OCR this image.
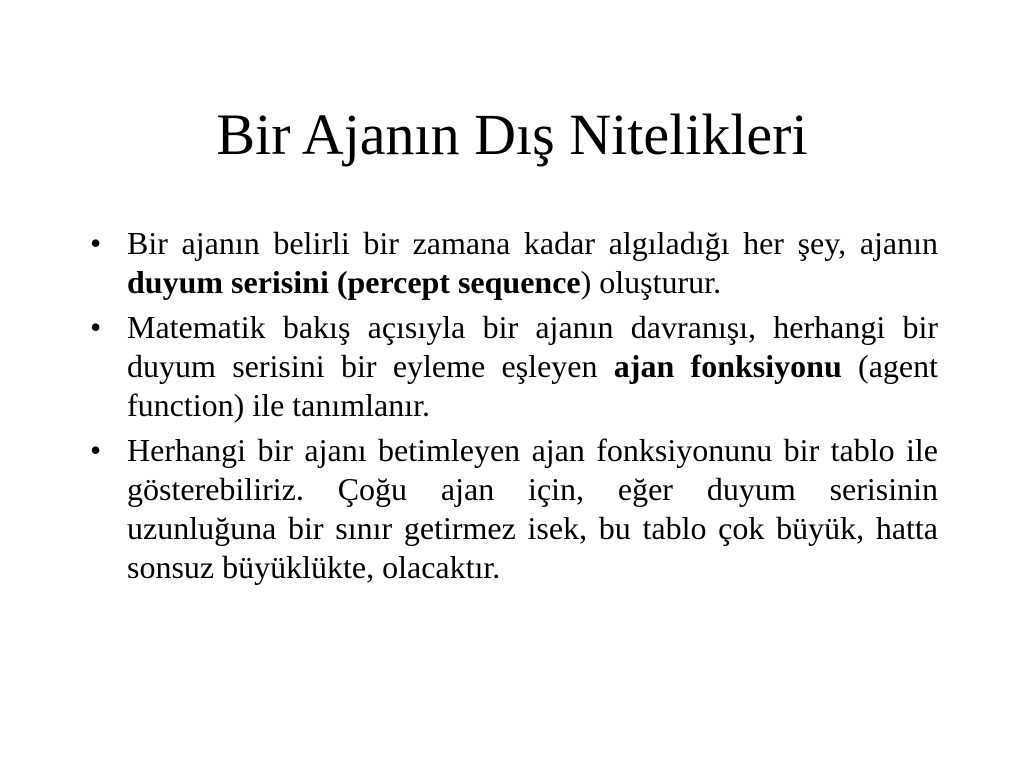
Bir Ajanın Dış Nitelikleri
• Bir ajanın belirli bir zamana kadar algıladığı her şey, ajanın duyum serisini (percept sequence) oluşturur.
• Matematik bakış açısıyla bir ajanın davranışı, herhangi bir duyum serisini bir eyleme eşleyen ajan fonksiyonu (agent function) ile tanımlanır.
• Herhangi bir ajanı betimleyen ajan fonksiyonunu bir tablo ile gösterebiliriz. Çoğu ajan için, eğer duyum serisinin uzunluğuna bir sınır getirmez isek, bu tablo çok büyük, hatta sonsuz büyüklükte, olacaktır.
